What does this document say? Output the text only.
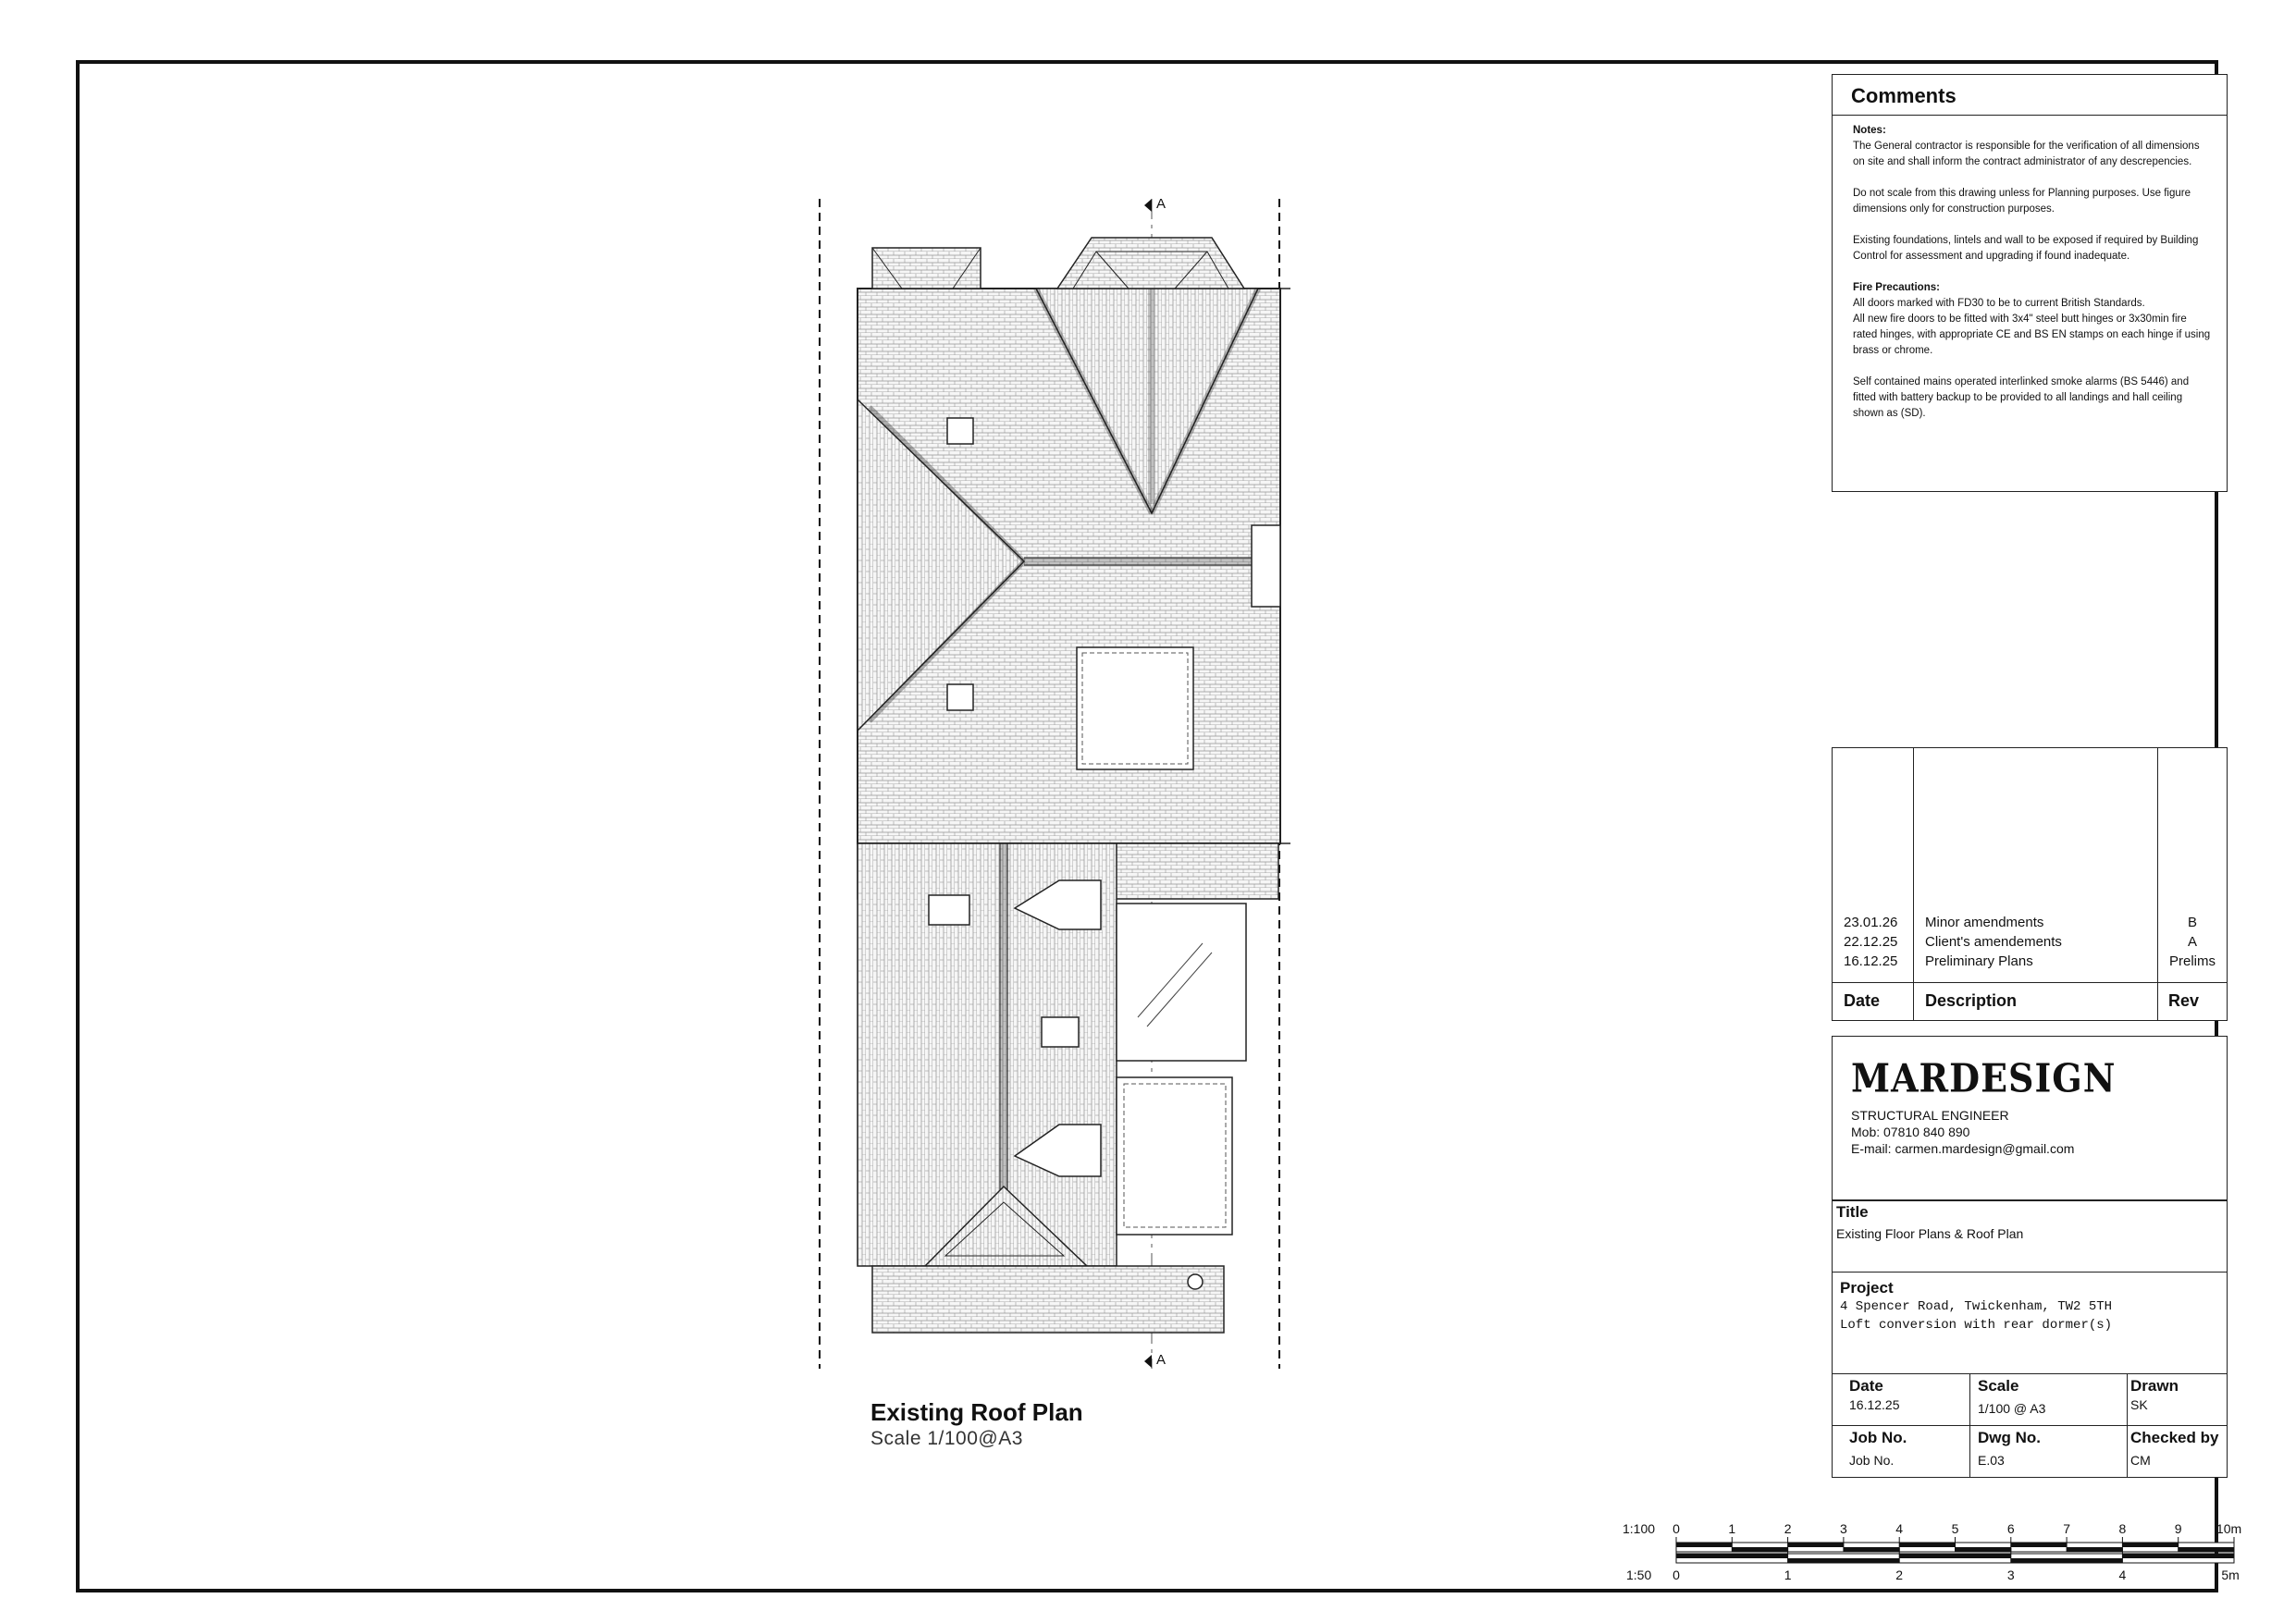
A
A
Existing Roof Plan
Scale 1/100@A3
Comments

Notes:

The General contractor is responsible for the verification of all dimensions on site and shall inform the contract administrator of any descrepencies.

Do not scale from this drawing unless for Planning purposes. Use figure dimensions only for construction purposes.

Existing foundations, lintels and wall to be exposed if required by Building Control for assessment and upgrading if found inadequate.

Fire Precautions:

All doors marked with FD30 to be to current British Standards.

All new fire doors to be fitted with 3x4" steel butt hinges or 3x30min fire rated hinges, with appropriate CE and BS EN stamps on each hinge if using brass or chrome.

Self contained mains operated interlinked smoke alarms (BS 5446) and fitted with battery backup to be provided to all landings and hall ceiling shown as (SD).

23.01.26 Minor amendments	B
22.12.25 Client's amendements	A
16.12.25 Preliminary Plans	Prelims
Date	Description	Rev
MARDESIGN
STRUCTURAL ENGINEER
Mob: 07810 840 890
E-mail: carmen.mardesign@gmail.com
Title
Existing Floor Plans & Roof Plan
Project
4 Spencer Road, Twickenham, TW2 5TH
Loft conversion with rear dormer(s)
Date
16.12.25
Scale
1/100 @ A3
Drawn
SK
Job No.
Job No.
Dwg No.
E.03
Checked by
CM
1:100
1:50
0	1	2	3	4	5	6	7	8	9	10m
0	1	2	3	4	5m
